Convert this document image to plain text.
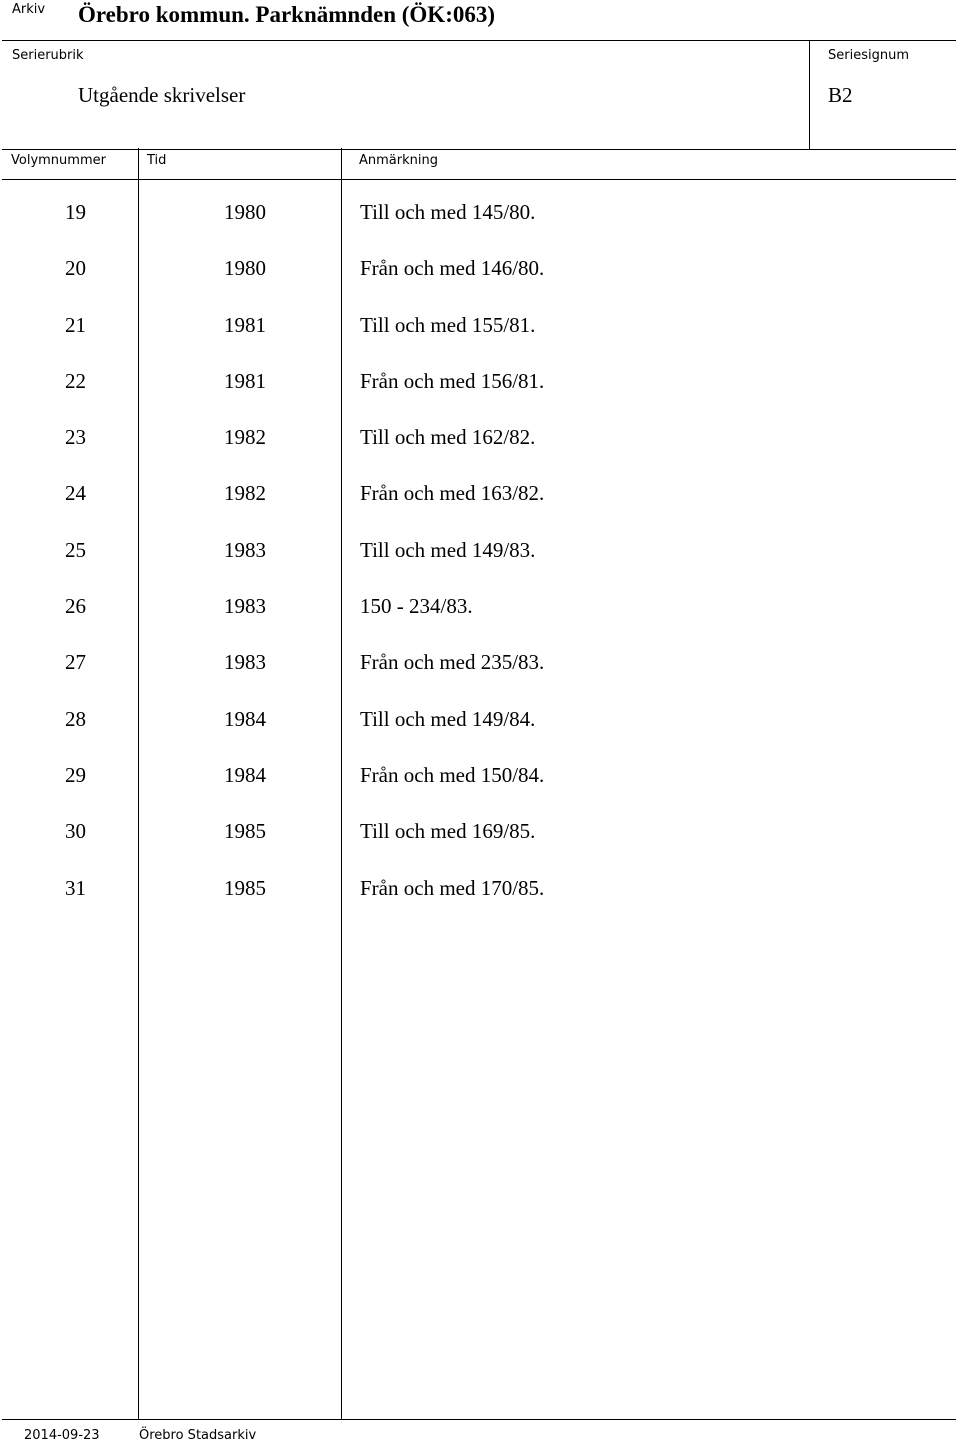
Arkiv Örebro kommun. Parknämnden (ÖK:063)
Serierubrik
Utgående skrivelser
Seriesignum
B2
Volymnummer	Tid	Anmärkning
19	1980	Till och med 145/80.
20	1980	Från och med 146/80.
21	1981	Till och med 155/81.
22	1981	Från och med 156/81.
23	1982	Till och med 162/82.
24	1982	Från och med 163/82.
25	1983	Till och med 149/83.
26	1983	150 - 234/83.
27	1983	Från och med 235/83.
28	1984	Till och med 149/84.
29	1984	Från och med 150/84.
30	1985	Till och med 169/85.
31	1985	Från och med 170/85.
2014-09-23	Örebro Stadsarkiv
